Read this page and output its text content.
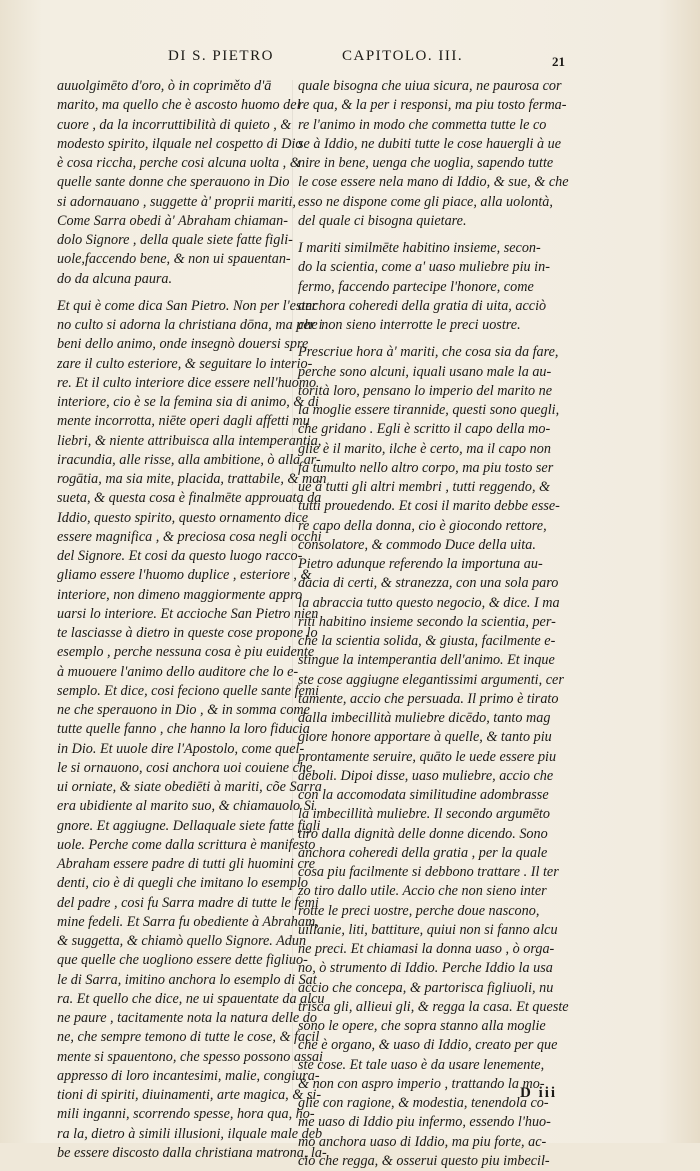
DI S. PIETRO	CAPITOLO. III.	21

auuolgimēto d'oro, ò in copriměto d'ā
marito, ma quello che è ascosto huomo del
cuore , da la incorruttibilità di quieto , &
modesto spirito, ilquale nel cospetto di Dio
è cosa riccha, perche cosi alcuna uolta , &
quelle sante donne che sperauono in Dio
si adornauano , suggette à' proprii mariti,
Come Sarra obedi à' Abraham chiaman-
dolo Signore , della quale siete fatte figli-
uole,faccendo bene, & non ui spauentan-
do da alcuna paura.

Et qui è come dica San Pietro. Non per l'ester
no culto si adorna la christiana dōna, ma per i
beni dello animo, onde insegnò douersi spre
zare il culto esteriore, & seguitare lo interio-
re. Et il culto interiore dice essere nell'huomo
interiore, cio è se la femina sia di animo, & di
mente incorrotta, niēte operi dagli affetti mu
liebri, & niente attribuisca alla intemperantia,
iracundia, alle risse, alla ambitione, ò alla ar-
rogātia, ma sia mite, placida, trattabile, & man
sueta, & questa cosa è finalmēte approuata da
Iddio, questo spirito, questo ornamento dice
essere magnifica , & preciosa cosa negli occhi
del Signore. Et cosi da questo luogo racco-
gliamo essere l'huomo duplice , esteriore , &
interiore, non dimeno maggiormente appro
uarsi lo interiore. Et accioche San Pietro nien
te lasciasse à dietro in queste cose propone lo
esemplo , perche nessuna cosa è piu euidente
à muouere l'animo dello auditore che lo e-
semplo. Et dice, cosi feciono quelle sante femi
ne che sperauono in Dio , & in somma come
tutte quelle fanno , che hanno la loro fiducia
in Dio. Et uuole dire l'Apostolo, come quel-
le si ornauono, cosi anchora uoi couiene che
ui orniate, & siate obediēti à mariti, cõe Sarra
era ubidiente al marito suo, & chiamauolo Si
gnore. Et aggiugne. Dellaquale siete fatte figli
uole. Perche come dalla scrittura è manifesto
Abraham essere padre di tutti gli huomini cre
denti, cio è di quegli che imitano lo esemplo
del padre , cosi fu Sarra madre di tutte le femi
mine fedeli. Et Sarra fu obediente à Abraham,
& suggetta, & chiamò quello Signore. Adun
que quelle che uogliono essere dette figliuo-
le di Sarra, imitino anchora lo esemplo di Sat
ra. Et quello che dice, ne ui spauentate da alcu
ne paure , tacitamente nota la natura delle do
ne, che sempre temono di tutte le cose, & facil
mente si spauentono, che spesso possono assai
appresso di loro incantesimi, malie, congiura-
tioni di spiriti, diuinamenti, arte magica, & si-
mili inganni, scorrendo spesse, hora qua, ho-
ra la, dietro à simili illusioni, ilquale male deb
be essere discosto dalla christiana matrona, la-

quale bisogna che uiua sicura, ne paurosa cor
re qua, & la per i responsi, ma piu tosto ferma-
re l'animo in modo che commetta tutte le co
se à Iddio, ne dubiti tutte le cose hauergli à ue
nire in bene, uenga che uoglia, sapendo tutte
le cose essere nela mano di Iddio, & sue, & che
esso ne dispone come gli piace, alla uolontà,
del quale ci bisogna quietare.

I mariti similmēte habitino insieme, secon-
do la scientia, come a' uaso muliebre piu in-
fermo, faccendo partecipe l'honore, come
anchora coheredi della gratia di uita, acciò
che non sieno interrotte le preci uostre.

Prescriue hora à' mariti, che cosa sia da fare,
perche sono alcuni, iquali usano male la au-
torità loro, pensano lo imperio del marito ne
la moglie essere tirannide, questi sono quegli,
che gridano . Egli è scritto il capo della mo-
glie è il marito, ilche è certo, ma il capo non
fa tumulto nello altro corpo, ma piu tosto ser
ue à tutti gli altri membri , tutti reggendo, &
tutti prouedendo. Et cosi il marito debbe esse-
re capo della donna, cio è giocondo rettore,
consolatore, & commodo Duce della uita.
Pietro adunque referendo la importuna au-
dacia di certi, & stranezza, con una sola paro
la abraccia tutto questo negocio, & dice. I ma
riti habitino insieme secondo la scientia, per-
che la scientia solida, & giusta, facilmente e-
stingue la intemperantia dell'animo. Et inque
ste cose aggiugne elegantissimi argumenti, cer
tamente, accio che persuada. Il primo è tirato
dalla imbecillità muliebre dicēdo, tanto mag
giore honore apportare à quelle, & tanto piu
prontamente seruire, quāto le uede essere piu
deboli. Dipoi disse, uaso muliebre, accio che
con la accomodata similitudine adombrasse
la imbecillità muliebre. Il secondo argumēto
tiro dalla dignità delle donne dicendo. Sono
anchora coheredi della gratia , per la quale
cosa piu facilmente si debbono trattare . Il ter
zo tiro dallo utile. Accio che non sieno inter
rotte le preci uostre, perche doue nascono,
uillanie, liti, battiture, quiui non si fanno alcu
ne preci. Et chiamasi la donna uaso , ò orga-
no, ò strumento di Iddio. Perche Iddio la usa
accio che concepa, & partorisca figliuoli, nu
trisca gli, allieui gli, & regga la casa. Et queste
sono le opere, che sopra stanno alla moglie
che è organo, & uaso di Iddio, creato per que
ste cose. Et tale uaso è da usare lenemente,
& non con aspro imperio , trattando la mo-
glie con ragione, & modestia, tenendola co-
me uaso di Iddio piu infermo, essendo l'huo-
mo anchora uaso di Iddio, ma piu forte, ac-
cio che regga, & osserui questo piu imbecil-

D iii
